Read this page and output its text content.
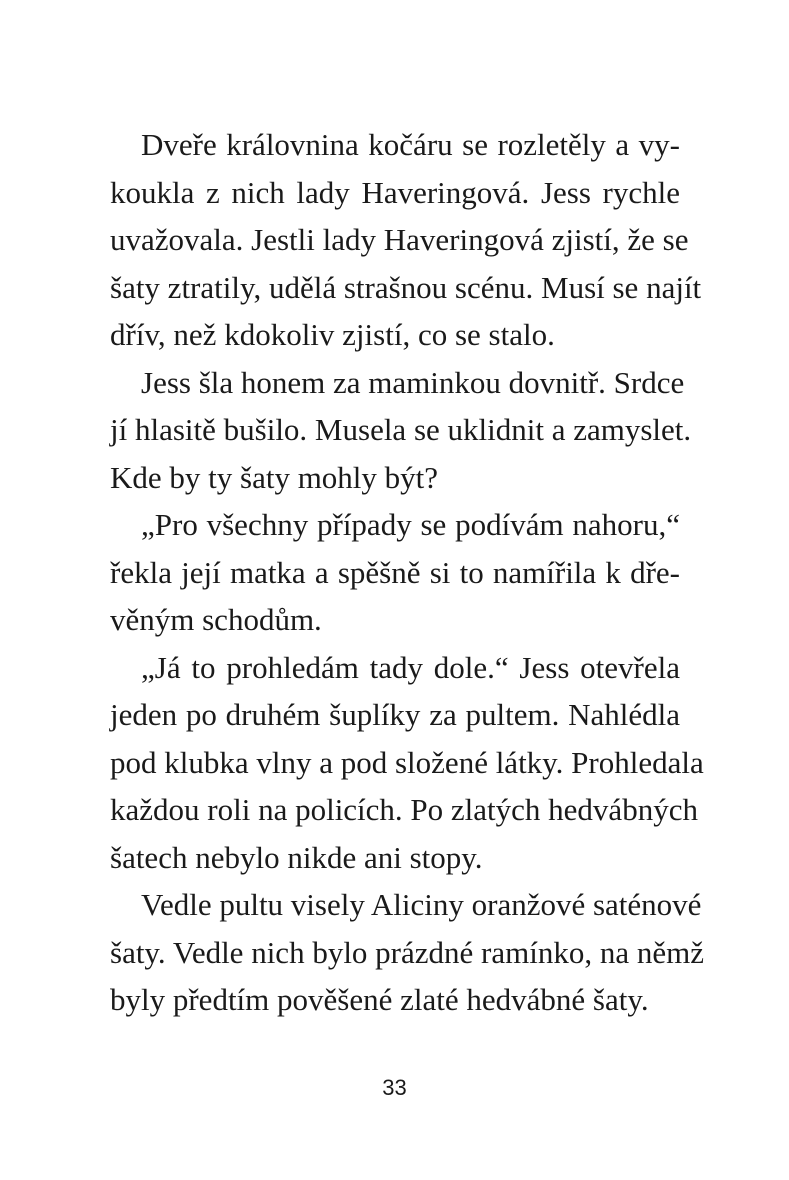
Dveře královnina kočáru se rozletěly a vy-
koukla z nich lady Haveringová. Jess rychle
uvažovala. Jestli lady Haveringová zjistí, že se
šaty ztratily, udělá strašnou scénu. Musí se najít
dřív, než kdokoliv zjistí, co se stalo.
Jess šla honem za maminkou dovnitř. Srdce
jí hlasitě bušilo. Musela se uklidnit a zamyslet.
Kde by ty šaty mohly být?
„Pro všechny případy se podívám nahoru,“
řekla její matka a spěšně si to namířila k dře-
věným schodům.
„Já to prohledám tady dole.“ Jess otevřela
jeden po druhém šuplíky za pultem. Nahlédla
pod klubka vlny a pod složené látky. Prohledala
každou roli na policích. Po zlatých hedvábných
šatech nebylo nikde ani stopy.
Vedle pultu visely Aliciny oranžové saténové
šaty. Vedle nich bylo prázdné ramínko, na němž
byly předtím pověšené zlaté hedvábné šaty.
33
